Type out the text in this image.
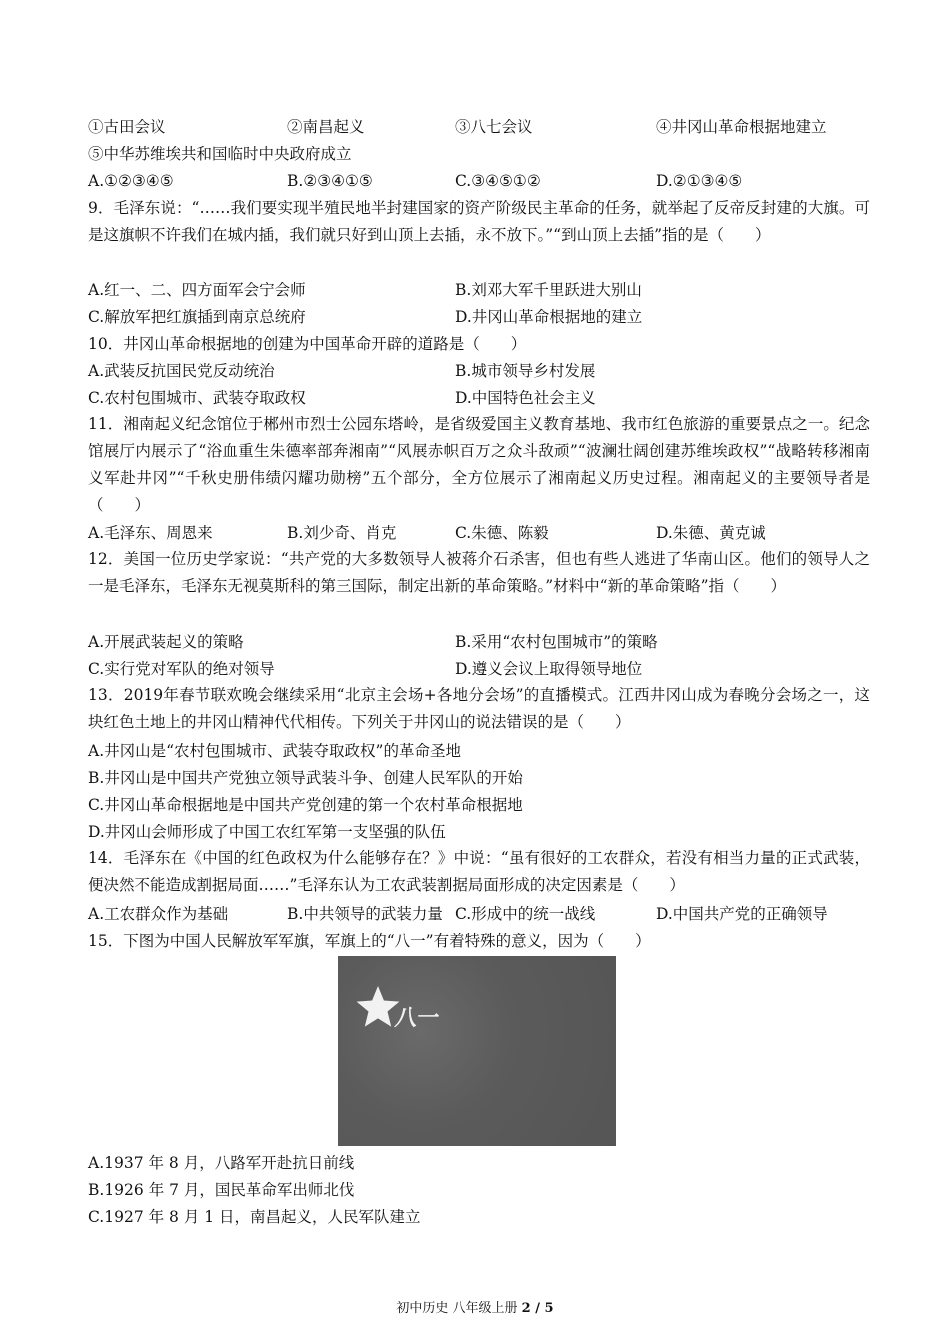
①古田会议	②南昌起义	③八七会议	④井冈山革命根据地建立
⑤中华苏维埃共和国临时中央政府成立
A.①②③④⑤	B.②③④①⑤	C.③④⑤①②	D.②①③④⑤
9．毛泽东说：“……我们要实现半殖民地半封建国家的资产阶级民主革命的任务，就举起了反帝反封建的大旗。可是这旗帜不许我们在城内插，我们就只好到山顶上去插，永不放下。”“到山顶上去插”指的是（　　）
A.红一、二、四方面军会宁会师	B.刘邓大军千里跃进大别山
C.解放军把红旗插到南京总统府	D.井冈山革命根据地的建立
10．井冈山革命根据地的创建为中国革命开辟的道路是（　　）
A.武装反抗国民党反动统治	B.城市领导乡村发展
C.农村包围城市、武装夺取政权	D.中国特色社会主义
11．湘南起义纪念馆位于郴州市烈士公园东塔岭，是省级爱国主义教育基地、我市红色旅游的重要景点之一。纪念馆展厅内展示了“浴血重生朱德率部奔湘南”“风展赤帜百万之众斗敌顽”“波澜壮阔创建苏维埃政权”“战略转移湘南义军赴井冈”“千秋史册伟绩闪耀功勋榜”五个部分，全方位展示了湘南起义历史过程。湘南起义的主要领导者是（　　）
A.毛泽东、周恩来	B.刘少奇、肖克	C.朱德、陈毅	D.朱德、黄克诚
12．美国一位历史学家说：“共产党的大多数领导人被蒋介石杀害，但也有些人逃进了华南山区。他们的领导人之一是毛泽东，毛泽东无视莫斯科的第三国际，制定出新的革命策略。”材料中“新的革命策略”指（　　）
A.开展武装起义的策略	B.采用“农村包围城市”的策略
C.实行党对军队的绝对领导	D.遵义会议上取得领导地位
13．2019年春节联欢晚会继续采用“北京主会场+各地分会场”的直播模式。江西井冈山成为春晚分会场之一，这块红色土地上的井冈山精神代代相传。下列关于井冈山的说法错误的是（　　）
A.井冈山是“农村包围城市、武装夺取政权”的革命圣地
B.井冈山是中国共产党独立领导武装斗争、创建人民军队的开始
C.井冈山革命根据地是中国共产党创建的第一个农村革命根据地
D.井冈山会师形成了中国工农红军第一支坚强的队伍
14．毛泽东在《中国的红色政权为什么能够存在？》中说：“虽有很好的工农群众，若没有相当力量的正式武装，便决然不能造成割据局面……”毛泽东认为工农武装割据局面形成的决定因素是（　　）
A.工农群众作为基础	B.中共领导的武装力量 C.形成中的统一战线	D.中国共产党的正确领导
15．下图为中国人民解放军军旗，军旗上的“八一”有着特殊的意义，因为（　　）
八一
A.1937 年 8 月，八路军开赴抗日前线
B.1926 年 7 月，国民革命军出师北伐
C.1927 年 8 月 1 日，南昌起义，人民军队建立
初中历史 八年级上册 2 / 5
